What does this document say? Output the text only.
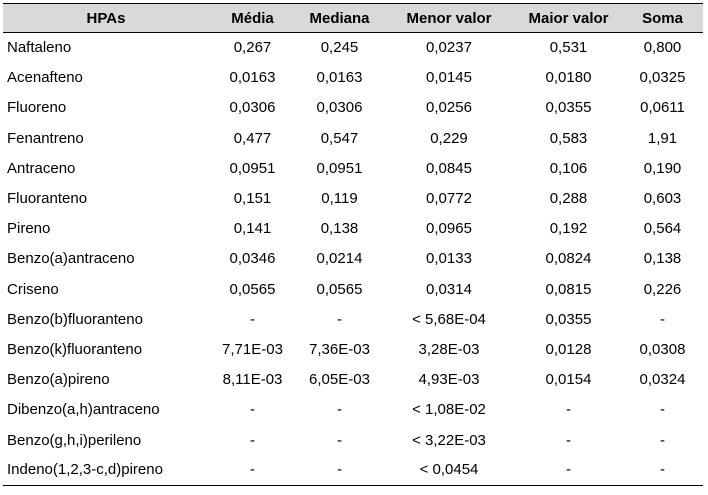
HPAs	Média	Mediana	Menor valor	Maior valor	Soma
Naftaleno	0,267	0,245	0,0237	0,531	0,800
Acenafteno	0,0163	0,0163	0,0145	0,0180	0,0325
Fluoreno	0,0306	0,0306	0,0256	0,0355	0,0611
Fenantreno	0,477	0,547	0,229	0,583	1,91
Antraceno	0,0951	0,0951	0,0845	0,106	0,190
Fluoranteno	0,151	0,119	0,0772	0,288	0,603
Pireno	0,141	0,138	0,0965	0,192	0,564
Benzo(a)antraceno	0,0346	0,0214	0,0133	0,0824	0,138
Criseno	0,0565	0,0565	0,0314	0,0815	0,226
Benzo(b)fluoranteno	-	-	< 5,68E-04	0,0355	-
Benzo(k)fluoranteno	7,71E-03	7,36E-03	3,28E-03	0,0128	0,0308
Benzo(a)pireno	8,11E-03	6,05E-03	4,93E-03	0,0154	0,0324
Dibenzo(a,h)antraceno	-	-	< 1,08E-02	-	-
Benzo(g,h,i)perileno	-	-	< 3,22E-03	-	-
Indeno(1,2,3-c,d)pireno	-	-	< 0,0454	-	-
